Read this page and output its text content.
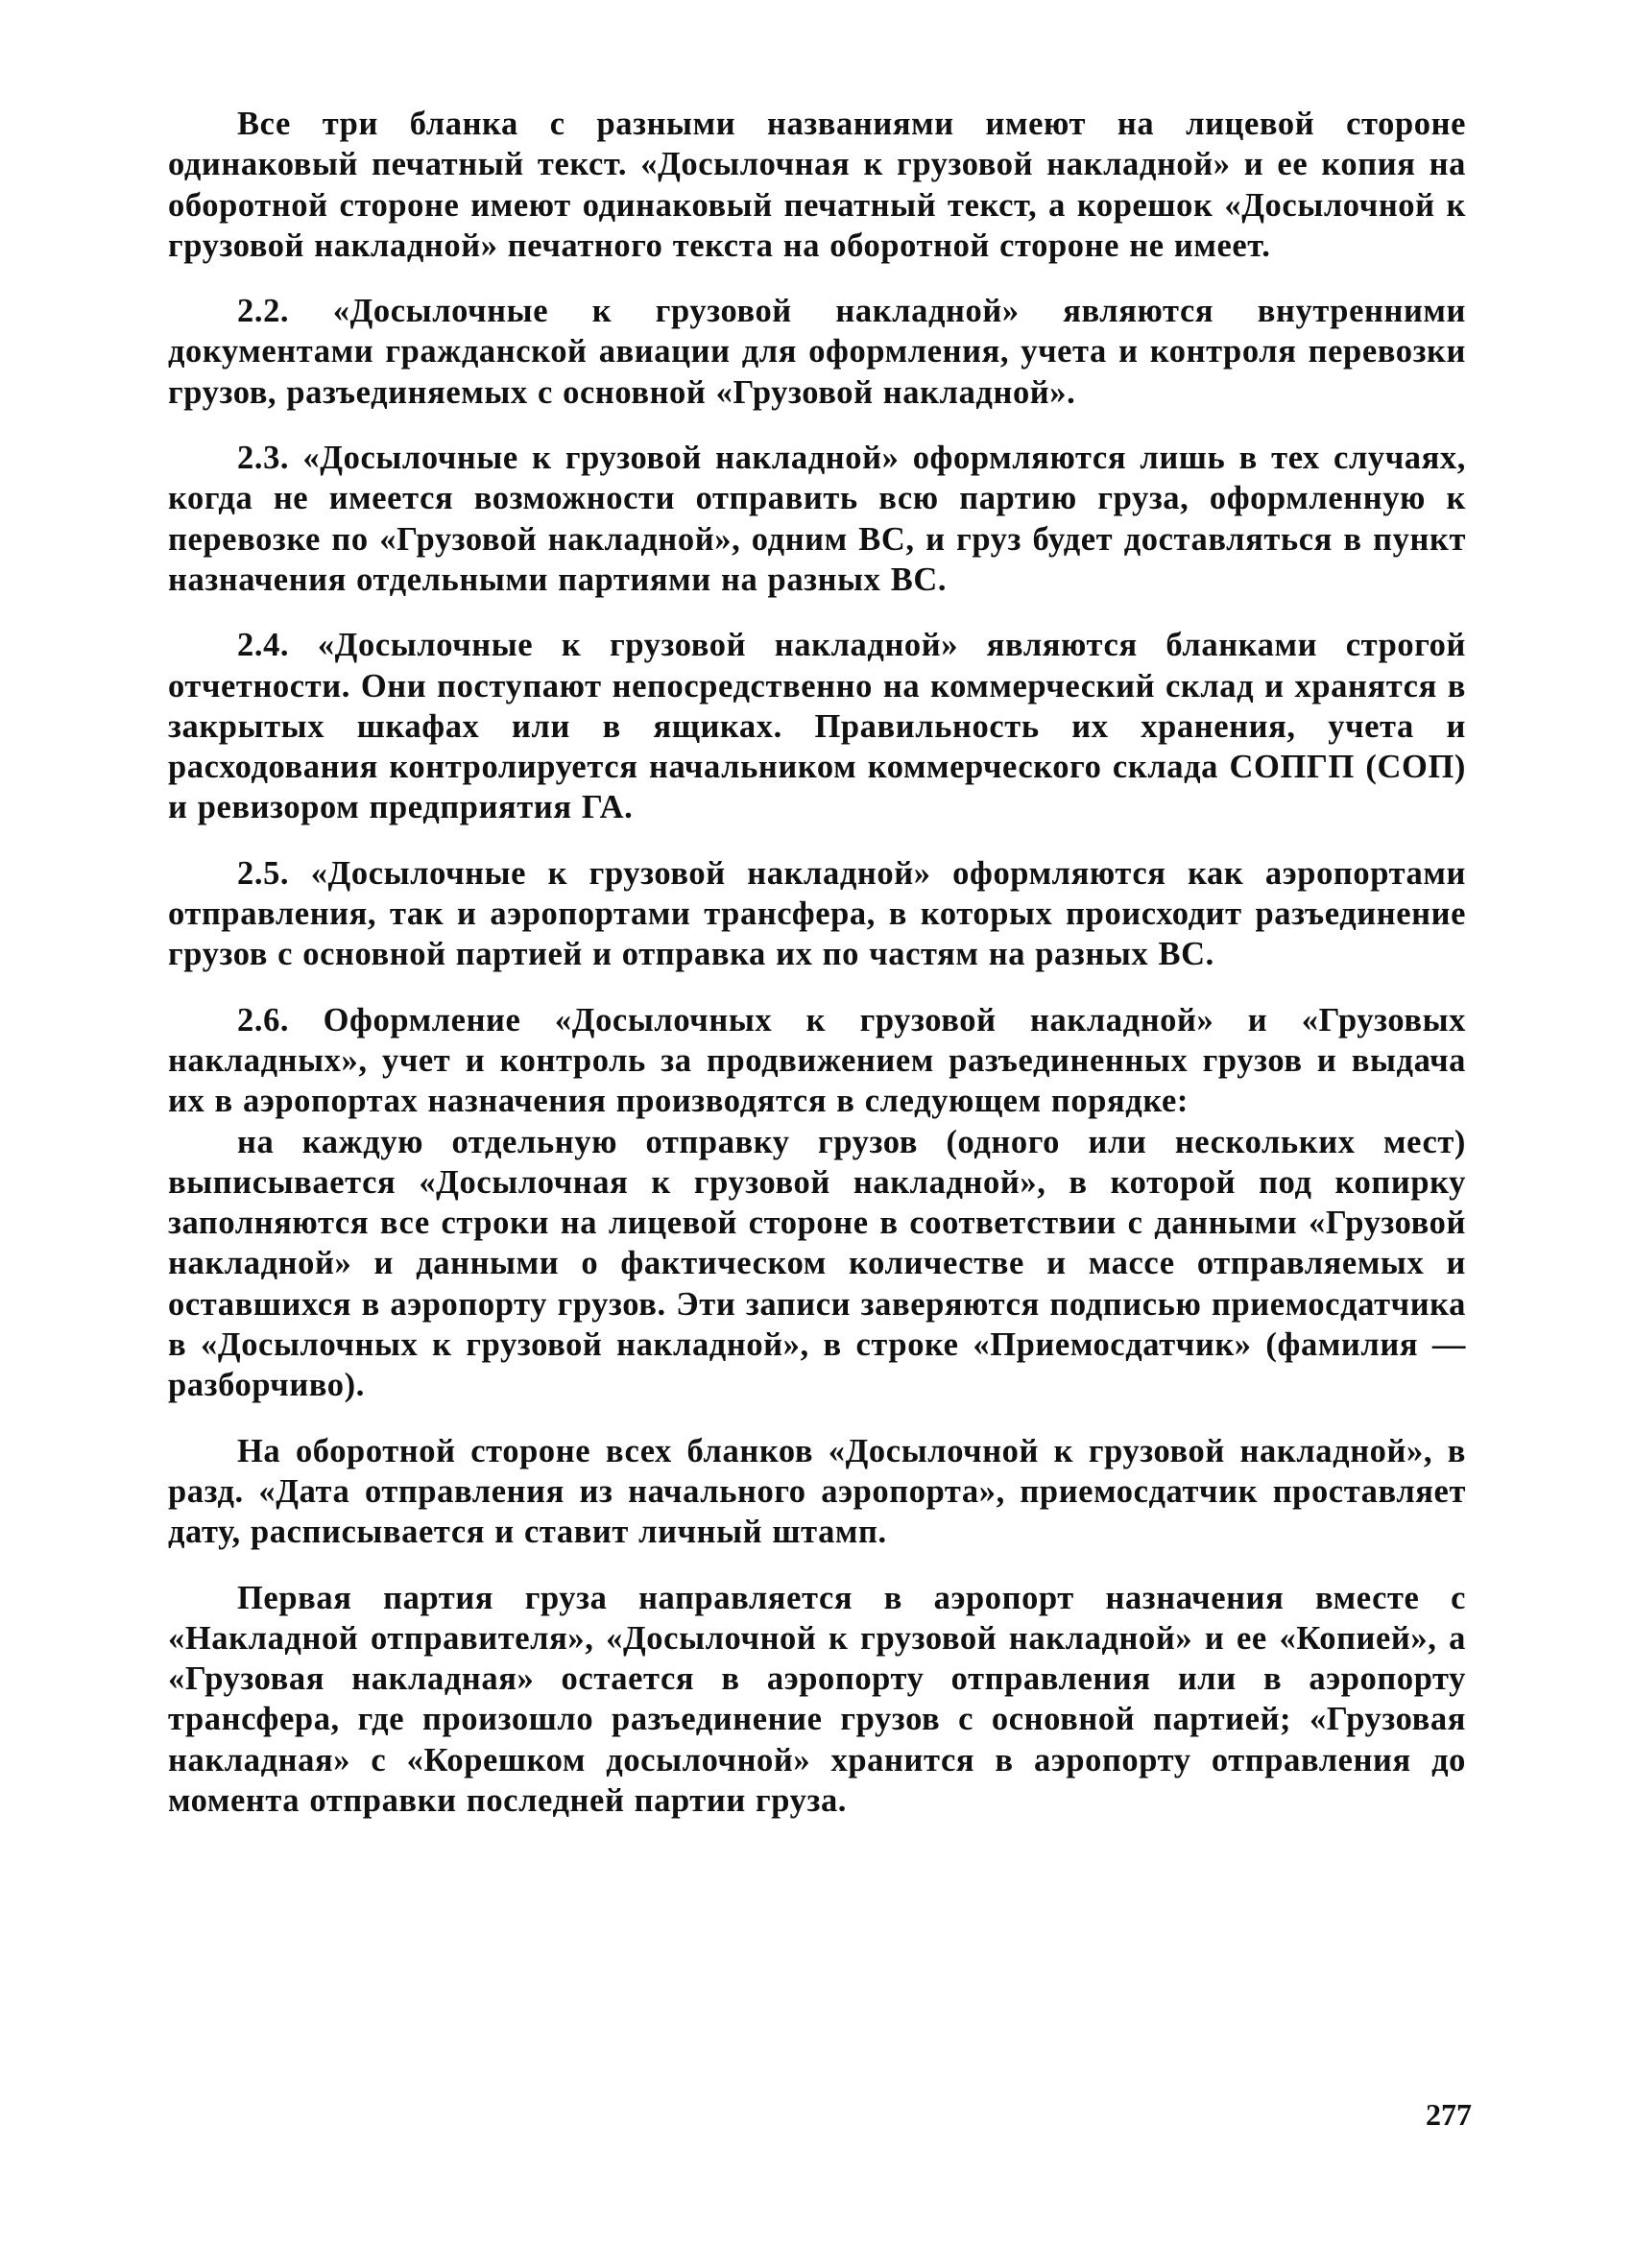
Все три бланка с разными названиями имеют на лицевой стороне одинаковый печатный текст. «Досылочная к грузовой накладной» и ее копия на оборотной стороне имеют одинаковый печатный текст, а корешок «Досылочной к грузовой накладной» печатного текста на оборотной стороне не имеет.

2.2. «Досылочные к грузовой накладной» являются внутренними документами гражданской авиации для оформления, учета и контроля перевозки грузов, разъединяемых с основной «Грузовой накладной».

2.3. «Досылочные к грузовой накладной» оформляются лишь в тех случаях, когда не имеется возможности отправить всю партию груза, оформленную к перевозке по «Грузовой накладной», одним ВС, и груз будет доставляться в пункт назначения отдельными партиями на разных ВС.

2.4. «Досылочные к грузовой накладной» являются бланками строгой отчетности. Они поступают непосредственно на коммерческий склад и хранятся в закрытых шкафах или в ящиках. Правильность их хранения, учета и расходования контролируется начальником коммерческого склада СОПГП (СОП) и ревизором предприятия ГА.

2.5. «Досылочные к грузовой накладной» оформляются как аэропортами отправления, так и аэропортами трансфера, в которых происходит разъединение грузов с основной партией и отправка их по частям на разных ВС.

2.6. Оформление «Досылочных к грузовой накладной» и «Грузовых накладных», учет и контроль за продвижением разъединенных грузов и выдача их в аэропортах назначения производятся в следующем порядке:

на каждую отдельную отправку грузов (одного или нескольких мест) выписывается «Досылочная к грузовой накладной», в которой под копирку заполняются все строки на лицевой стороне в соответствии с данными «Грузовой накладной» и данными о фактическом количестве и массе отправляемых и оставшихся в аэропорту грузов. Эти записи заверяются подписью приемосдатчика в «Досылочных к грузовой накладной», в строке «Приемосдатчик» (фамилия — разборчиво).

На оборотной стороне всех бланков «Досылочной к грузовой накладной», в разд. «Дата отправления из начального аэропорта», приемосдатчик проставляет дату, расписывается и ставит личный штамп.

Первая партия груза направляется в аэропорт назначения вместе с «Накладной отправителя», «Досылочной к грузовой накладной» и ее «Копией», а «Грузовая накладная» остается в аэропорту отправления или в аэропорту трансфера, где произошло разъединение грузов с основной партией; «Грузовая накладная» с «Корешком досылочной» хранится в аэропорту отправления до момента отправки последней партии груза.

277
